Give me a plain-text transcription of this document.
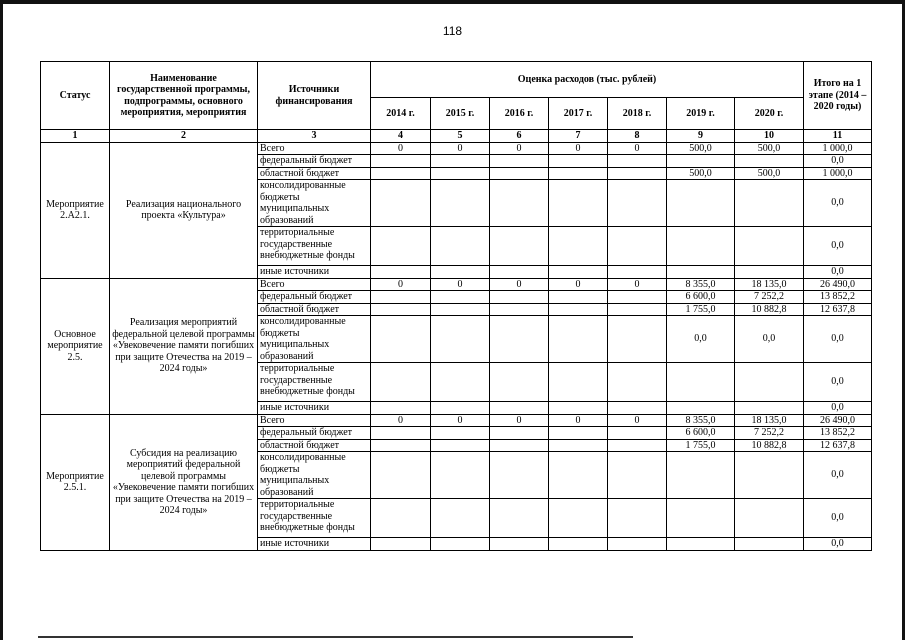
118
Статус	Наименование государственной программы, подпрограммы, основного мероприятия, мероприятия	Источники финансирования	Оценка расходов (тыс. рублей)							Итого на 1 этапе (2014 – 2020 годы)
			2014 г.	2015 г.	2016 г.	2017 г.	2018 г.	2019 г.	2020 г.	
1	2	3	4	5	6	7	8	9	10	11
Мероприятие 2.А2.1.	Реализация национального проекта «Культура»	Всего	0	0	0	0	0	500,0	500,0	1 000,0
		федеральный бюджет								0,0
		областной бюджет						500,0	500,0	1 000,0
		консолидированные бюджеты муниципальных образований								0,0
		территориальные государственные внебюджетные фонды								0,0
		иные источники								0,0
Основное мероприятие 2.5.	Реализация мероприятий федеральной целевой программы «Увековечение памяти погибших при защите Отечества на 2019 – 2024 годы»	Всего	0	0	0	0	0	8 355,0	18 135,0	26 490,0
		федеральный бюджет						6 600,0	7 252,2	13 852,2
		областной бюджет						1 755,0	10 882,8	12 637,8
		консолидированные бюджеты муниципальных образований						0,0	0,0	0,0
		территориальные государственные внебюджетные фонды								0,0
		иные источники								0,0
Мероприятие 2.5.1.	Субсидия на реализацию мероприятий федеральной целевой программы «Увековечение памяти погибших при защите Отечества на 2019 – 2024 годы»	Всего	0	0	0	0	0	8 355,0	18 135,0	26 490,0
		федеральный бюджет						6 600,0	7 252,2	13 852,2
		областной бюджет						1 755,0	10 882,8	12 637,8
		консолидированные бюджеты муниципальных образований								0,0
		территориальные государственные внебюджетные фонды								0,0
		иные источники								0,0
